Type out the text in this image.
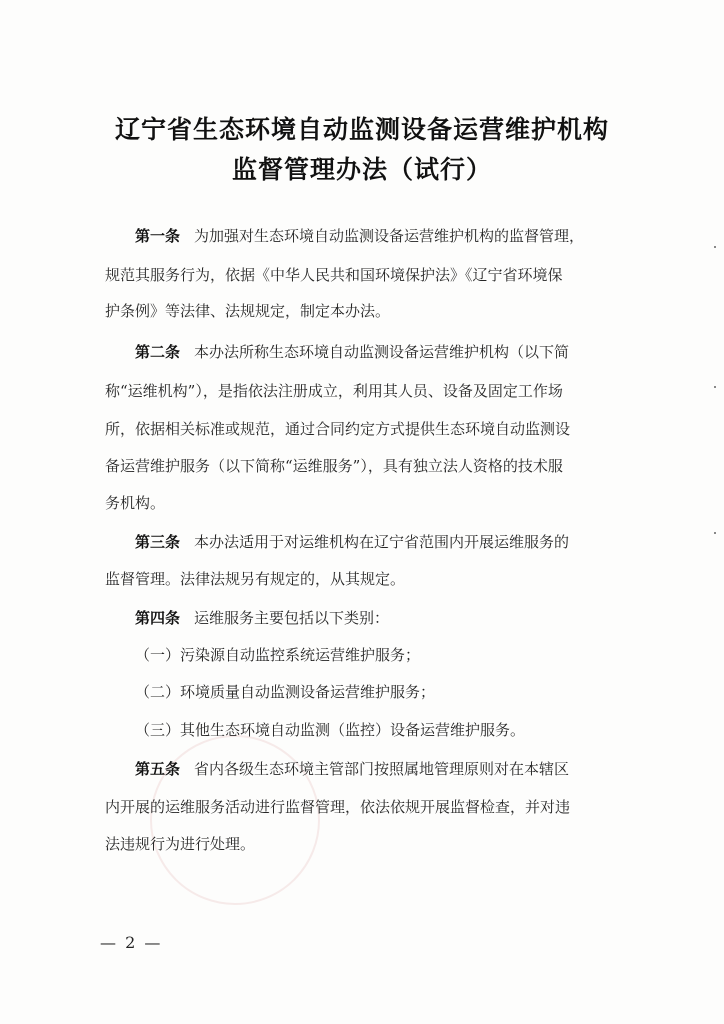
辽宁省生态环境自动监测设备运营维护机构
监督管理办法（试行）
第一条 为加强对生态环境自动监测设备运营维护机构的监督管理，
规范其服务行为，依据《中华人民共和国环境保护法》《辽宁省环境保
护条例》等法律、法规规定，制定本办法。
第二条 本办法所称生态环境自动监测设备运营维护机构（以下简
称“运维机构”），是指依法注册成立，利用其人员、设备及固定工作场
所，依据相关标准或规范，通过合同约定方式提供生态环境自动监测设
备运营维护服务（以下简称“运维服务”），具有独立法人资格的技术服
务机构。
第三条 本办法适用于对运维机构在辽宁省范围内开展运维服务的
监督管理。法律法规另有规定的，从其规定。
第四条 运维服务主要包括以下类别：
（一）污染源自动监控系统运营维护服务；
（二）环境质量自动监测设备运营维护服务；
（三）其他生态环境自动监测（监控）设备运营维护服务。
第五条 省内各级生态环境主管部门按照属地管理原则对在本辖区
内开展的运维服务活动进行监督管理，依法依规开展监督检查，并对违
法违规行为进行处理。
— 2 —
